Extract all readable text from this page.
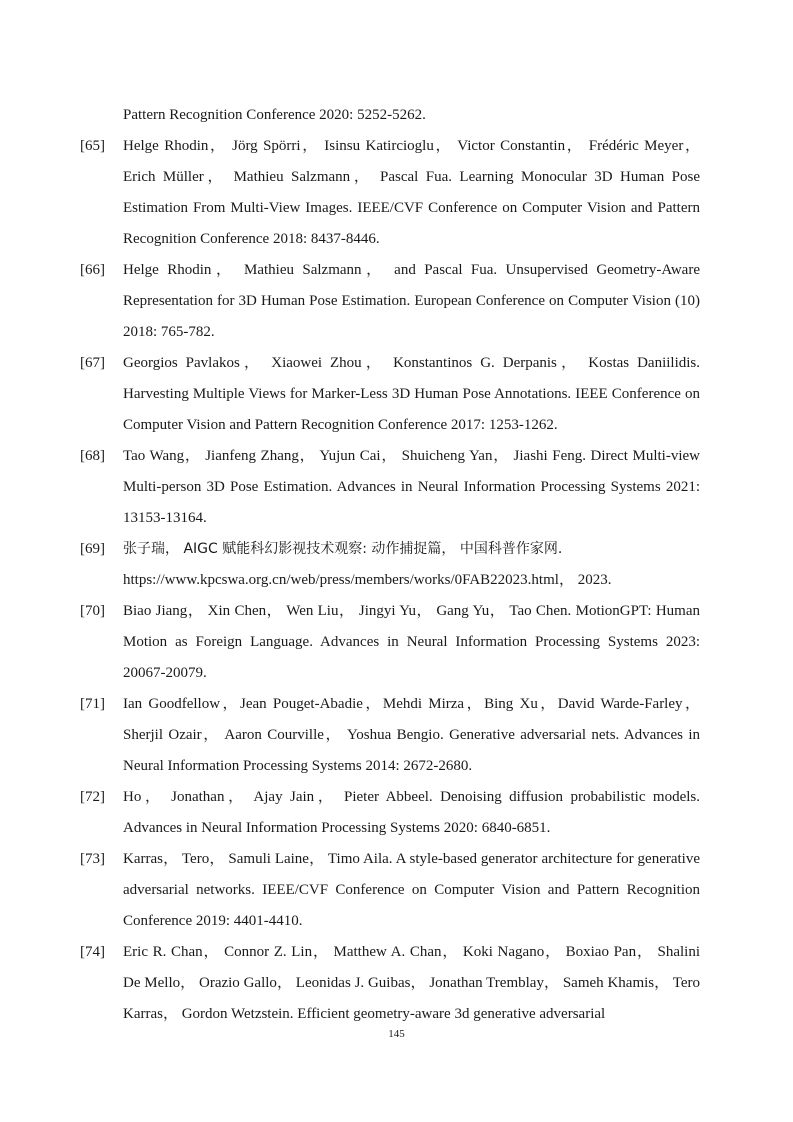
Pattern Recognition Conference 2020: 5252-5262.
[65]	Helge Rhodin， Jörg Spörri， Isinsu Katircioglu， Victor Constantin， Frédéric Meyer， Erich Müller， Mathieu Salzmann， Pascal Fua. Learning Monocular 3D Human Pose Estimation From Multi-View Images. IEEE/CVF Conference on Computer Vision and Pattern Recognition Conference 2018: 8437-8446.
[66]	Helge Rhodin， Mathieu Salzmann， and Pascal Fua. Unsupervised Geometry-Aware Representation for 3D Human Pose Estimation. European Conference on Computer Vision (10) 2018: 765-782.
[67]	Georgios Pavlakos， Xiaowei Zhou， Konstantinos G. Derpanis， Kostas Daniilidis. Harvesting Multiple Views for Marker-Less 3D Human Pose Annotations. IEEE Conference on Computer Vision and Pattern Recognition Conference 2017: 1253-1262.
[68]	Tao Wang， Jianfeng Zhang， Yujun Cai， Shuicheng Yan， Jiashi Feng. Direct Multi-view Multi-person 3D Pose Estimation. Advances in Neural Information Processing Systems 2021: 13153-13164.
[69]	张子瑞， AIGC 赋能科幻影视技术观察: 动作捕捉篇， 中国科普作家网.
https://www.kpcswa.org.cn/web/press/members/works/0FAB22023.html， 2023.
[70]	Biao Jiang， Xin Chen， Wen Liu， Jingyi Yu， Gang Yu， Tao Chen. MotionGPT: Human Motion as Foreign Language. Advances in Neural Information Processing Systems 2023: 20067-20079.
[71]	Ian Goodfellow，Jean Pouget-Abadie，Mehdi Mirza，Bing Xu，David Warde-Farley， Sherjil Ozair， Aaron Courville， Yoshua Bengio. Generative adversarial nets. Advances in Neural Information Processing Systems 2014: 2672-2680.
[72]	Ho， Jonathan， Ajay Jain， Pieter Abbeel. Denoising diffusion probabilistic models. Advances in Neural Information Processing Systems 2020: 6840-6851.
[73]	Karras， Tero， Samuli Laine， Timo Aila. A style-based generator architecture for generative adversarial networks. IEEE/CVF Conference on Computer Vision and Pattern Recognition Conference 2019: 4401-4410.
[74]	Eric R. Chan， Connor Z. Lin， Matthew A. Chan， Koki Nagano， Boxiao Pan， Shalini De Mello， Orazio Gallo， Leonidas J. Guibas， Jonathan Tremblay， Sameh Khamis， Tero Karras， Gordon Wetzstein. Efficient geometry-aware 3d generative adversarial
145
